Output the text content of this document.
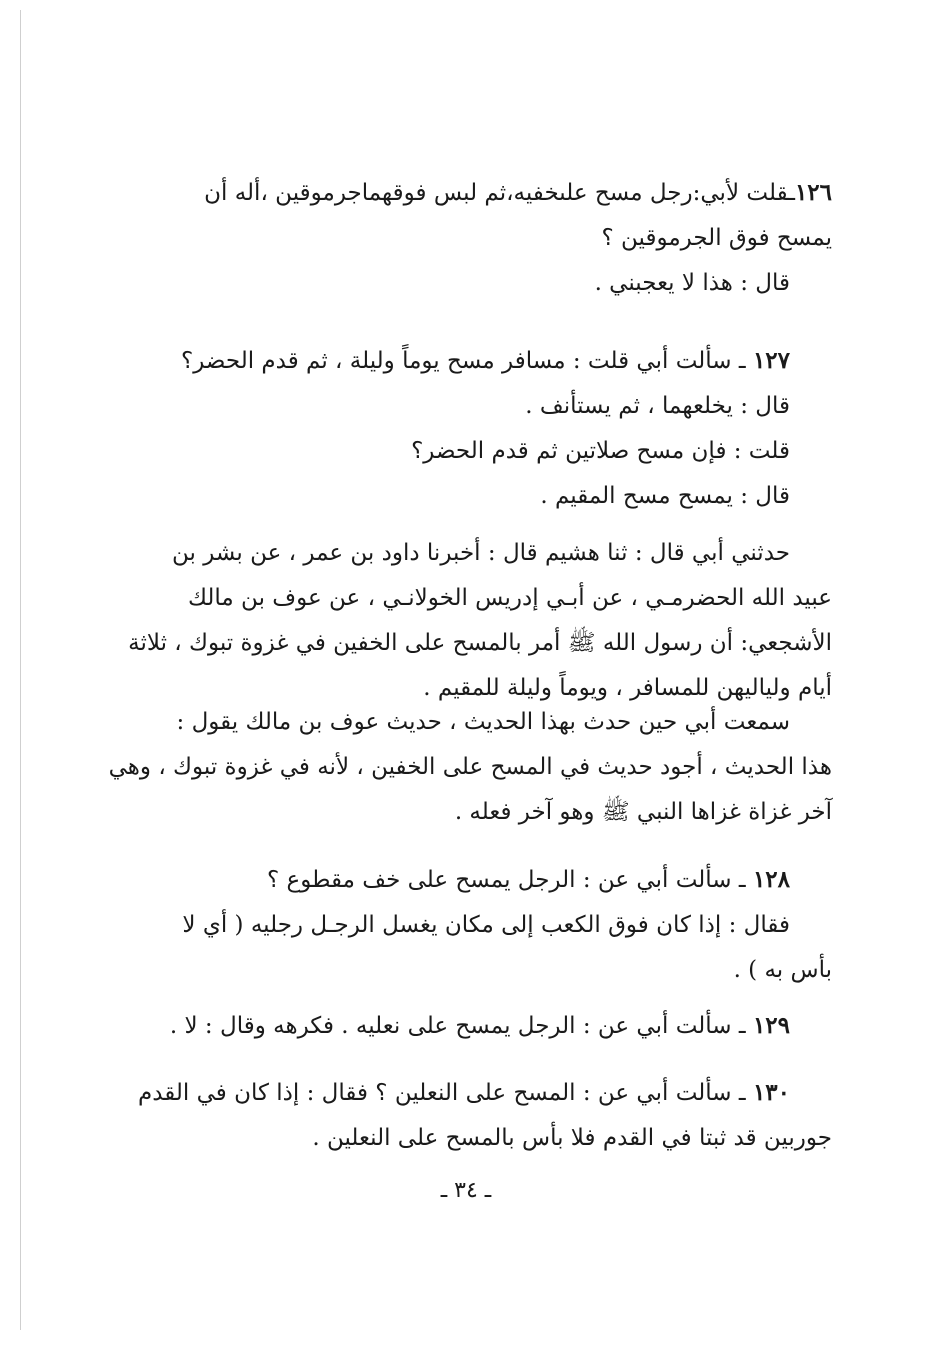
١٢٦ـقلت لأبي:رجل مسح علىخفيه،ثم لبس فوقهماجرموقين ،أله أن
يمسح فوق الجرموقين ؟
قال : هذا لا يعجبني .
١٢٧ ـ سألت أبي قلت : مسافر مسح يوماً وليلة ، ثم قدم الحضر؟
قال : يخلعهما ، ثم يستأنف .
قلت : فإن مسح صلاتين ثم قدم الحضر؟
قال : يمسح مسح المقيم .
حدثني أبي قال : ثنا هشيم قال : أخبرنا داود بن عمر ، عن بشر بن
عبيد الله الحضرمـي ، عن أبـي إدريس الخولانـي ، عن عوف بن مالك
الأشجعي: أن رسول الله ﷺ أمر بالمسح على الخفين في غزوة تبوك ، ثلاثة
أيام ولياليهن للمسافر ، ويوماً وليلة للمقيم .
سمعت أبي حين حدث بهذا الحديث ، حديث عوف بن مالك يقول :
هذا الحديث ، أجود حديث في المسح على الخفين ، لأنه في غزوة تبوك ، وهي
آخر غزاة غزاها النبي ﷺ وهو آخر فعله .
١٢٨ ـ سألت أبي عن : الرجل يمسح على خف مقطوع ؟
فقال : إذا كان فوق الكعب إلى مكان يغسل الرجـل رجليه ( أي لا
بأس به ) .
١٢٩ ـ سألت أبي عن : الرجل يمسح على نعليه . فكرهه وقال : لا .
١٣٠ ـ سألت أبي عن : المسح على النعلين ؟ فقال : إذا كان في القدم
جوربين قد ثبتا في القدم فلا بأس بالمسح على النعلين .
ـ ٣٤ ـ
